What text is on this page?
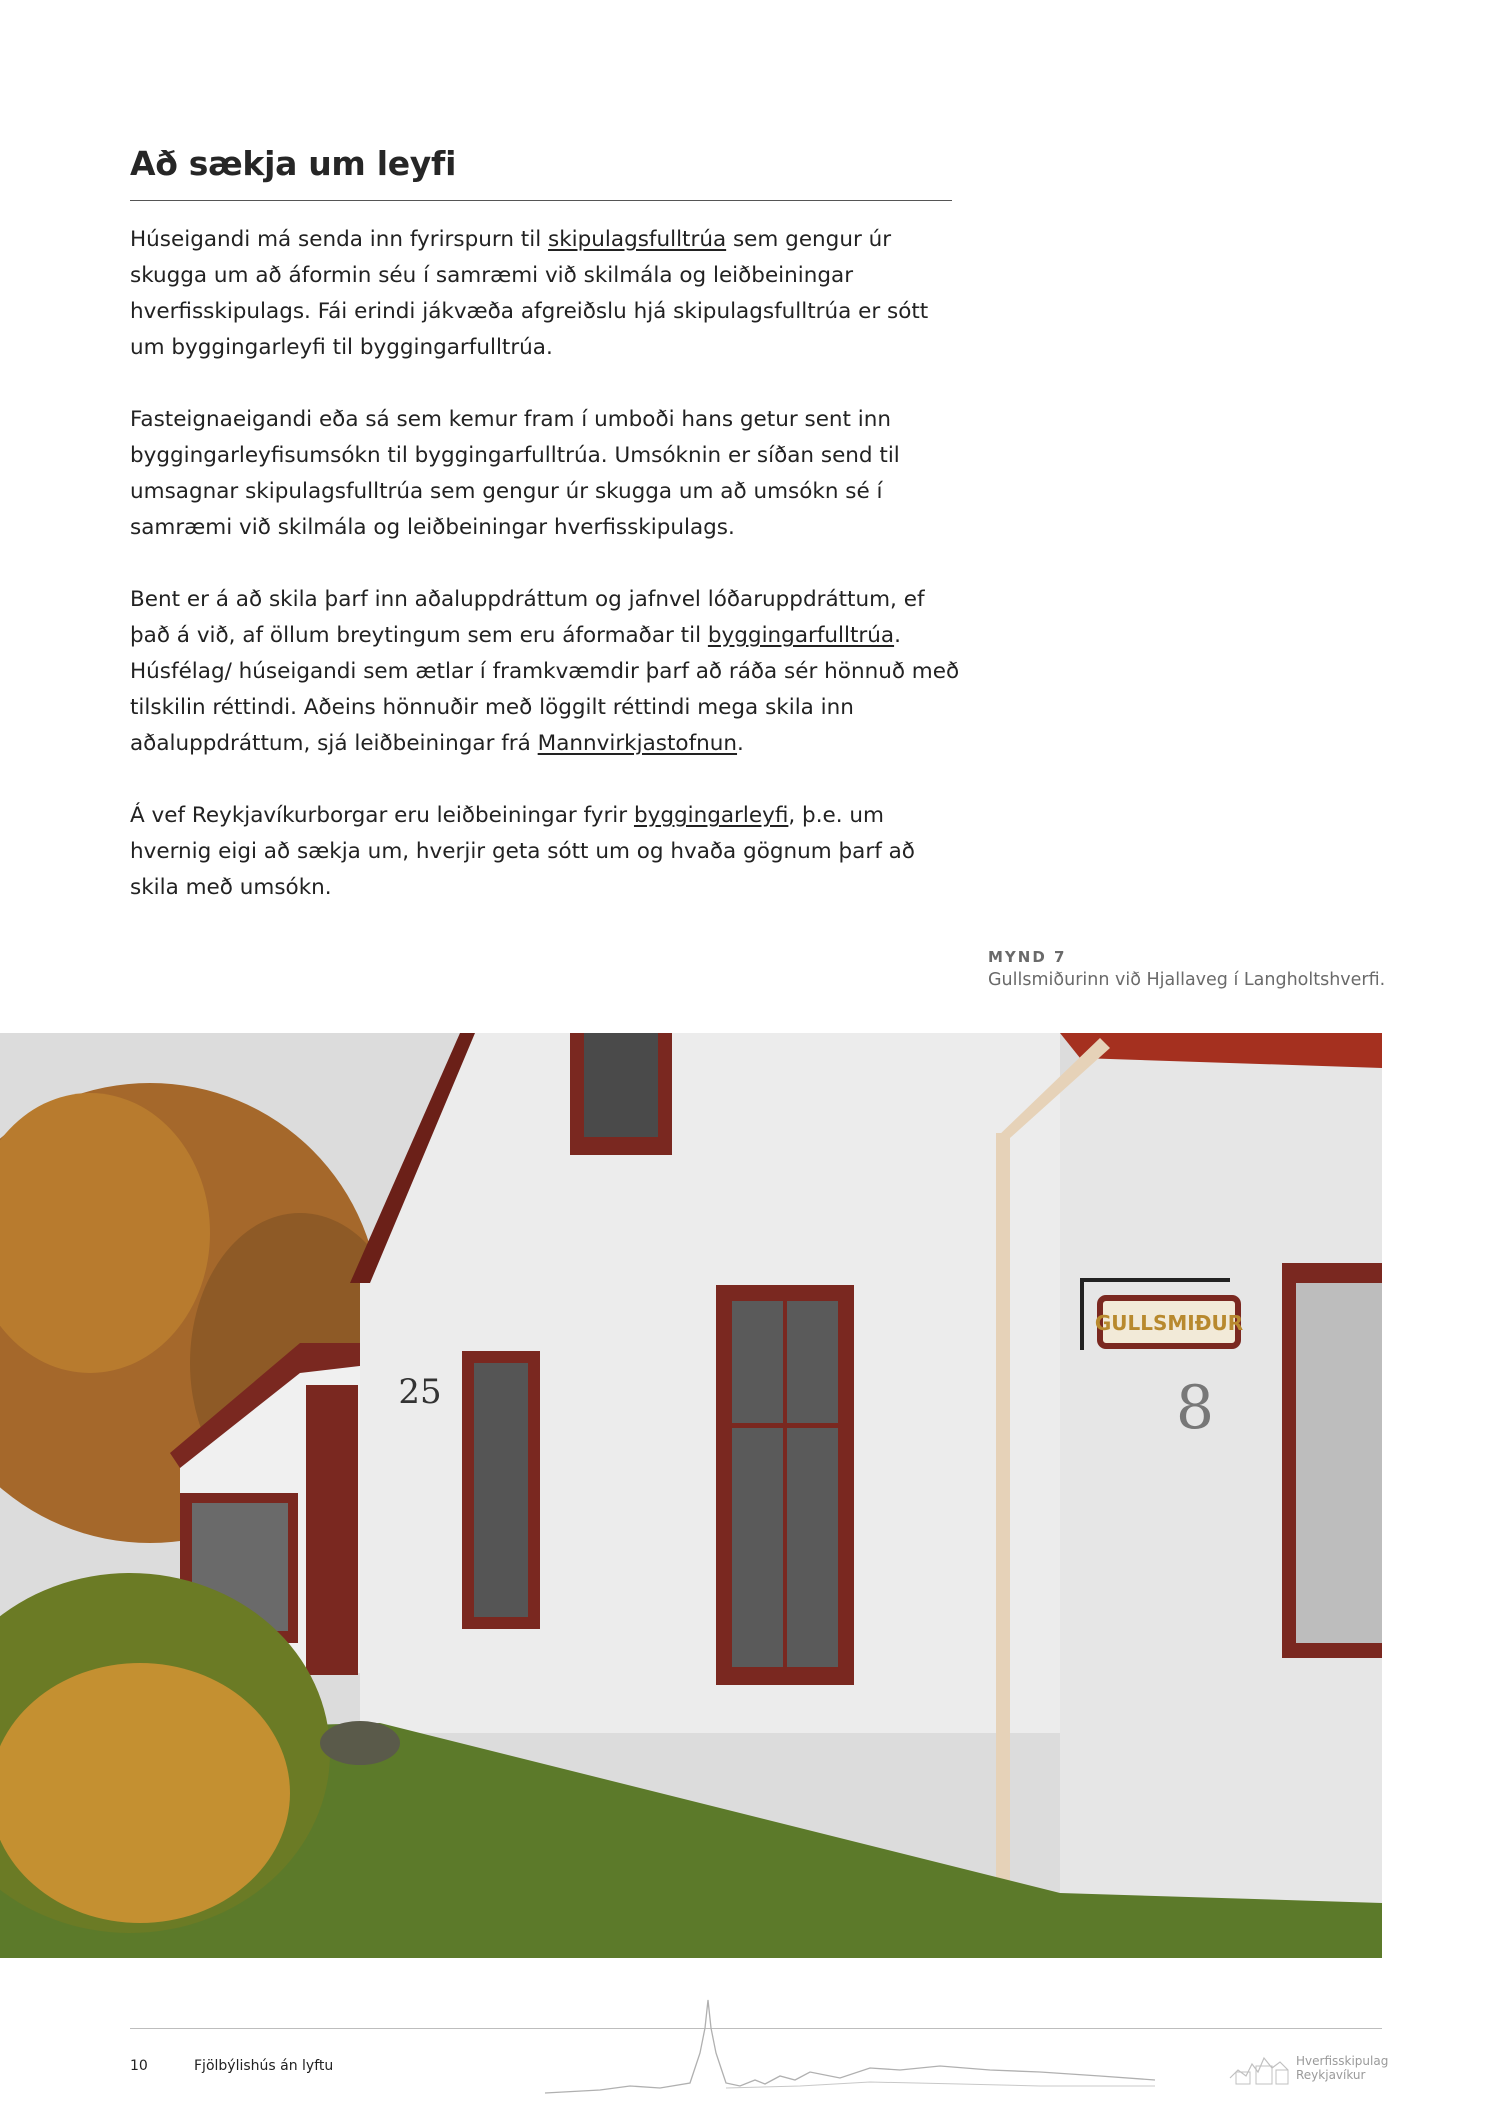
Að sækja um leyfi

Húseigandi má senda inn fyrirspurn til skipulagsfulltrúa sem gengur úr skugga um að áformin séu í samræmi við skilmála og leiðbeiningar hverfisskipulags. Fái erindi jákvæða afgreiðslu hjá skipulagsfulltrúa er sótt um byggingarleyfi til byggingarfulltrúa.

Fasteignaeigandi eða sá sem kemur fram í umboði hans getur sent inn byggingarleyfisumsókn til byggingarfulltrúa. Umsóknin er síðan send til umsagnar skipulagsfulltrúa sem gengur úr skugga um að umsókn sé í samræmi við skilmála og leiðbeiningar hverfisskipulags.

Bent er á að skila þarf inn aðaluppdráttum og jafnvel lóðaruppdráttum, ef það á við, af öllum breytingum sem eru áformaðar til byggingarfulltrúa. Húsfélag/ húseigandi sem ætlar í framkvæmdir þarf að ráða sér hönnuð með tilskilin réttindi. Aðeins hönnuðir með löggilt réttindi mega skila inn aðaluppdráttum, sjá leiðbeiningar frá Mannvirkjastofnun.

Á vef Reykjavíkurborgar eru leiðbeiningar fyrir byggingarleyfi, þ.e. um hvernig eigi að sækja um, hverjir geta sótt um og hvaða gögnum þarf að skila með umsókn.

MYND 7
Gullsmiðurinn við Hjallaveg í Langholtshverfi.
GULLSMIÐUR
8
25
10	Fjölbýlishús án lyftu	Hverfisskipulag
Reykjavíkur
